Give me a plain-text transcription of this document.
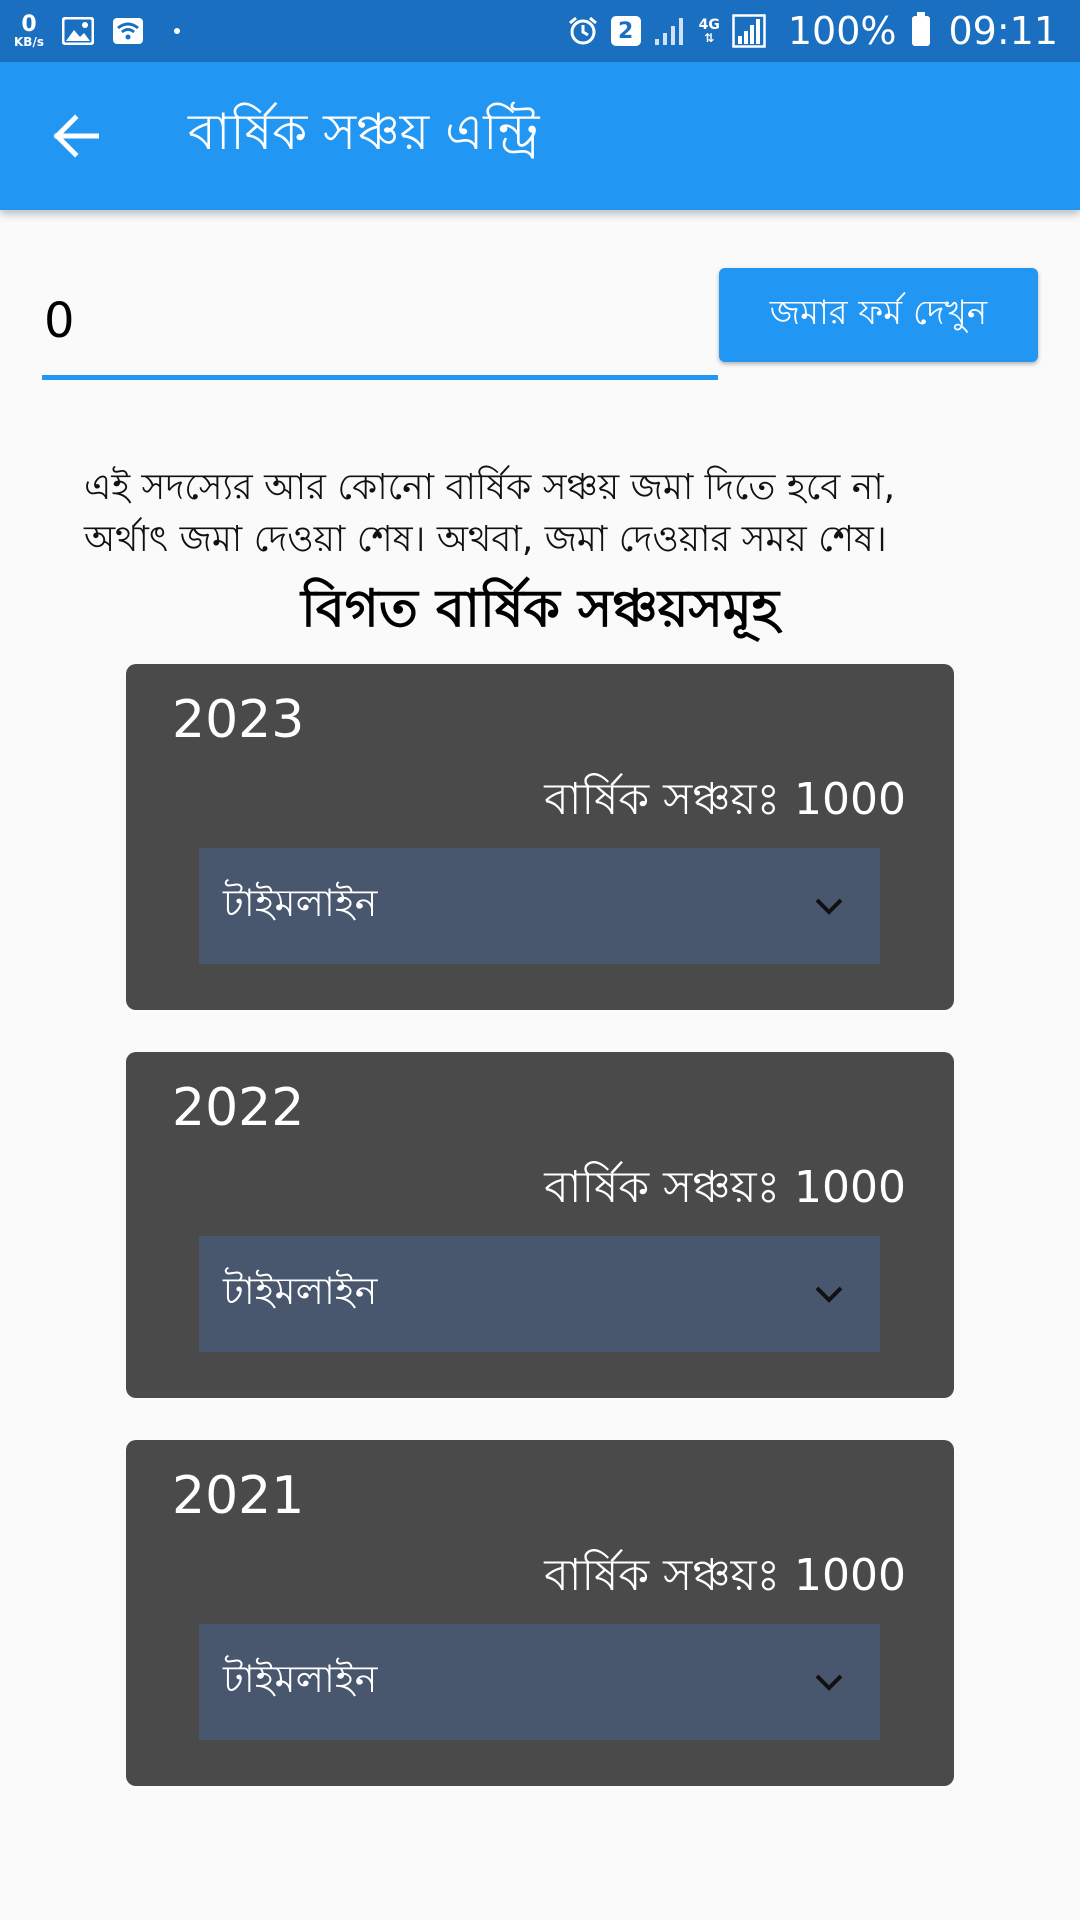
0
KB/s	2	4G
⇅ 100% 09:11
বার্ষিক সঞ্চয় এন্ট্রি
0
জমার ফর্ম দেখুন
এই সদস্যের আর কোনো বার্ষিক সঞ্চয় জমা দিতে হবে না,
অর্থাৎ জমা দেওয়া শেষ। অথবা, জমা দেওয়ার সময় শেষ।
বিগত বার্ষিক সঞ্চয়সমূহ
2023
বার্ষিক সঞ্চয়ঃ 1000
টাইমলাইন
2022
বার্ষিক সঞ্চয়ঃ 1000
টাইমলাইন
2021
বার্ষিক সঞ্চয়ঃ 1000
টাইমলাইন
